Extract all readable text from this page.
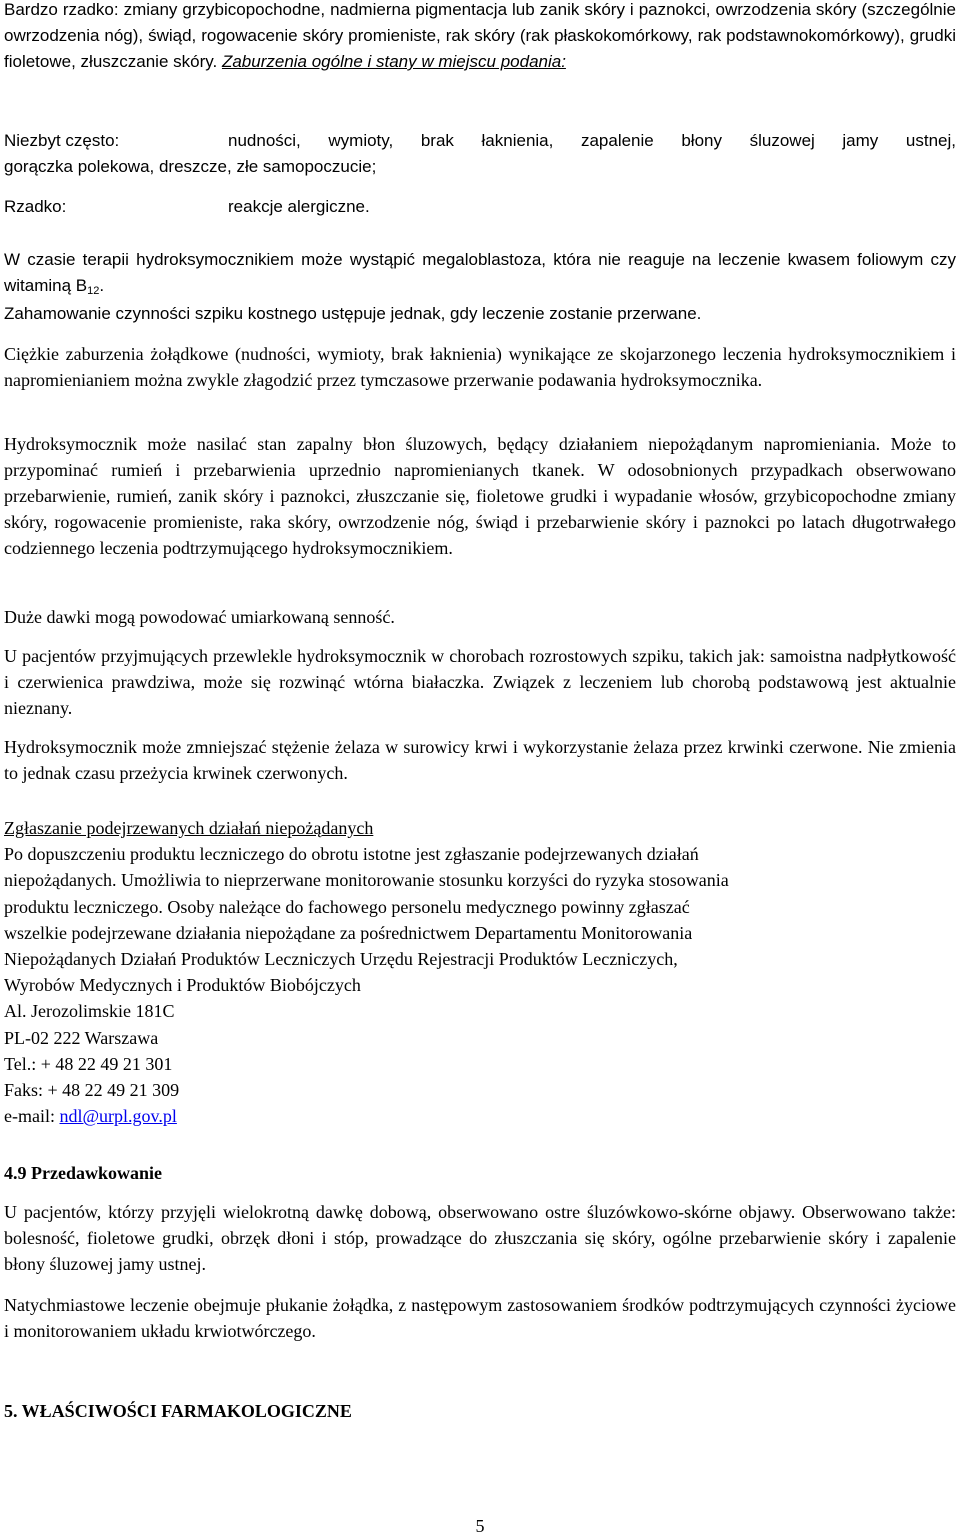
Bardzo rzadko: zmiany grzybicopochodne, nadmierna pigmentacja lub zanik skóry i paznokci, owrzodzenia skóry (szczególnie owrzodzenia nóg), świąd, rogowacenie skóry promieniste, rak skóry (rak płaskokomórkowy, rak podstawnokomórkowy), grudki fioletowe, złuszczanie skóry. Zaburzenia ogólne i stany w miejscu podania:

Niezbyt często:	nudności, wymioty, brak łaknienia, zapalenie błony śluzowej jamy ustnej,
gorączka polekowa, dreszcze, złe samopoczucie;
Rzadko:	reakcje alergiczne.

W czasie terapii hydroksymocznikiem może wystąpić megaloblastoza, która nie reaguje na leczenie kwasem foliowym czy witaminą $B_{12}$.

Zahamowanie czynności szpiku kostnego ustępuje jednak, gdy leczenie zostanie przerwane.

Ciężkie zaburzenia żołądkowe (nudności, wymioty, brak łaknienia) wynikające ze skojarzonego leczenia hydroksymocznikiem i napromienianiem można zwykle złagodzić przez tymczasowe przerwanie podawania hydroksymocznika.

Hydroksymocznik może nasilać stan zapalny błon śluzowych, będący działaniem niepożądanym napromieniania. Może to przypominać rumień i przebarwienia uprzednio napromienianych tkanek. W odosobnionych przypadkach obserwowano przebarwienie, rumień, zanik skóry i paznokci, złuszczanie się, fioletowe grudki i wypadanie włosów, grzybicopochodne zmiany skóry, rogowacenie promieniste, raka skóry, owrzodzenie nóg, świąd i przebarwienie skóry i paznokci po latach długotrwałego codziennego leczenia podtrzymującego hydroksymocznikiem.

Duże dawki mogą powodować umiarkowaną senność.

U pacjentów przyjmujących przewlekle hydroksymocznik w chorobach rozrostowych szpiku, takich jak: samoistna nadpłytkowość i czerwienica prawdziwa, może się rozwinąć wtórna białaczka. Związek z leczeniem lub chorobą podstawową jest aktualnie nieznany.

Hydroksymocznik może zmniejszać stężenie żelaza w surowicy krwi i wykorzystanie żelaza przez krwinki czerwone. Nie zmienia to jednak czasu przeżycia krwinek czerwonych.

Zgłaszanie podejrzewanych działań niepożądanych
Po dopuszczeniu produktu leczniczego do obrotu istotne jest zgłaszanie podejrzewanych działań
niepożądanych. Umożliwia to nieprzerwane monitorowanie stosunku korzyści do ryzyka stosowania
produktu leczniczego. Osoby należące do fachowego personelu medycznego powinny zgłaszać
wszelkie podejrzewane działania niepożądane za pośrednictwem Departamentu Monitorowania
Niepożądanych Działań Produktów Leczniczych Urzędu Rejestracji Produktów Leczniczych,
Wyrobów Medycznych i Produktów Biobójczych
Al. Jerozolimskie 181C
PL-02 222 Warszawa
Tel.: + 48 22 49 21 301
Faks: + 48 22 49 21 309
e-mail: ndl@urpl.gov.pl
4.9 Przedawkowanie

U pacjentów, którzy przyjęli wielokrotną dawkę dobową, obserwowano ostre śluzówkowo-skórne objawy. Obserwowano także: bolesność, fioletowe grudki, obrzęk dłoni i stóp, prowadzące do złuszczania się skóry, ogólne przebarwienie skóry i zapalenie błony śluzowej jamy ustnej.

Natychmiastowe leczenie obejmuje płukanie żołądka, z następowym zastosowaniem środków podtrzymujących czynności życiowe i monitorowaniem układu krwiotwórczego.

5. WŁAŚCIWOŚCI FARMAKOLOGICZNE
5
